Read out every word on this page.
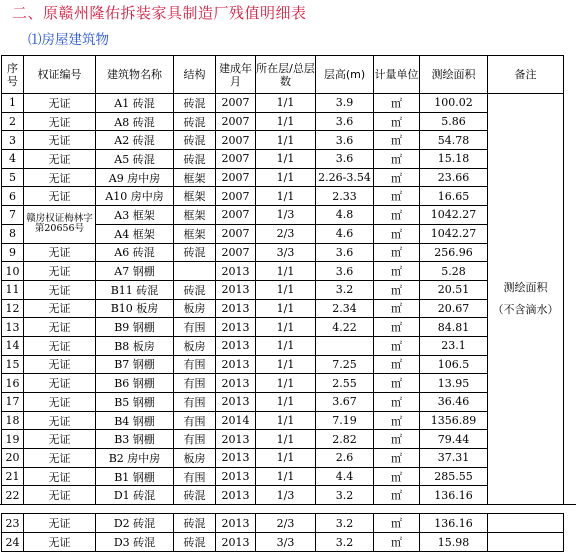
二、原赣州隆佑拆装家具制造厂残值明细表
⑴房屋建筑物
序号	权证编号	建筑物名称	结构	建成年月	所在层/总层数	层高(m)	计量单位	测绘面积	备注
1	无证	A1 砖混	砖混	2007	1/1	3.9	㎡	100.02	测绘面积
（不含滴水）

2	无证	A8 砖混	砖混	2007	1/1	3.6	㎡	5.86	
3	无证	A2 砖混	砖混	2007	1/1	3.6	㎡	54.78	
4	无证	A5 砖混	砖混	2007	1/1	3.6	㎡	15.18	
5	无证	A9 房中房	框架	2007	1/1	2.26-3.54	㎡	23.66	
6	无证	A10 房中房	框架	2007	1/1	2.33	㎡	16.65	
7	赣房权证梅林字第20656号	A3 框架	框架	2007	1/3	4.8	㎡	1042.27	
8		A4 框架	框架	2007	2/3	4.6	㎡	1042.27	
9	无证	A6 砖混	砖混	2007	3/3	3.6	㎡	256.96	
10	无证	A7 钢棚		2013	1/1	3.6	㎡	5.28	
11	无证	B11 砖混	砖混	2013	1/1	3.2	㎡	20.51	
12	无证	B10 板房	板房	2013	1/1	2.34	㎡	20.67	
13	无证	B9 钢棚	有围	2013	1/1	4.22	㎡	84.81	
14	无证	B8 板房	板房	2013	1/1		㎡	23.1	
15	无证	B7 钢棚	有围	2013	1/1	7.25	㎡	106.5	
16	无证	B6 钢棚	有围	2013	1/1	2.55	㎡	13.95	
17	无证	B5 钢棚	有围	2013	1/1	3.67	㎡	36.46	
18	无证	B4 钢棚	有围	2014	1/1	7.19	㎡	1356.89	
19	无证	B3 钢棚	有围	2013	1/1	2.82	㎡	79.44	
20	无证	B2 房中房	板房	2013	1/1	2.6	㎡	37.31	
21	无证	B1 钢棚	有围	2013	1/1	4.4	㎡	285.55	
22	无证	D1 砖混	砖混	2013	1/3	3.2	㎡	136.16	
23	无证	D2 砖混	砖混	2013	2/3	3.2	㎡	136.16	
24	无证	D3 砖混	砖混	2013	3/3	3.2	㎡	15.98	
